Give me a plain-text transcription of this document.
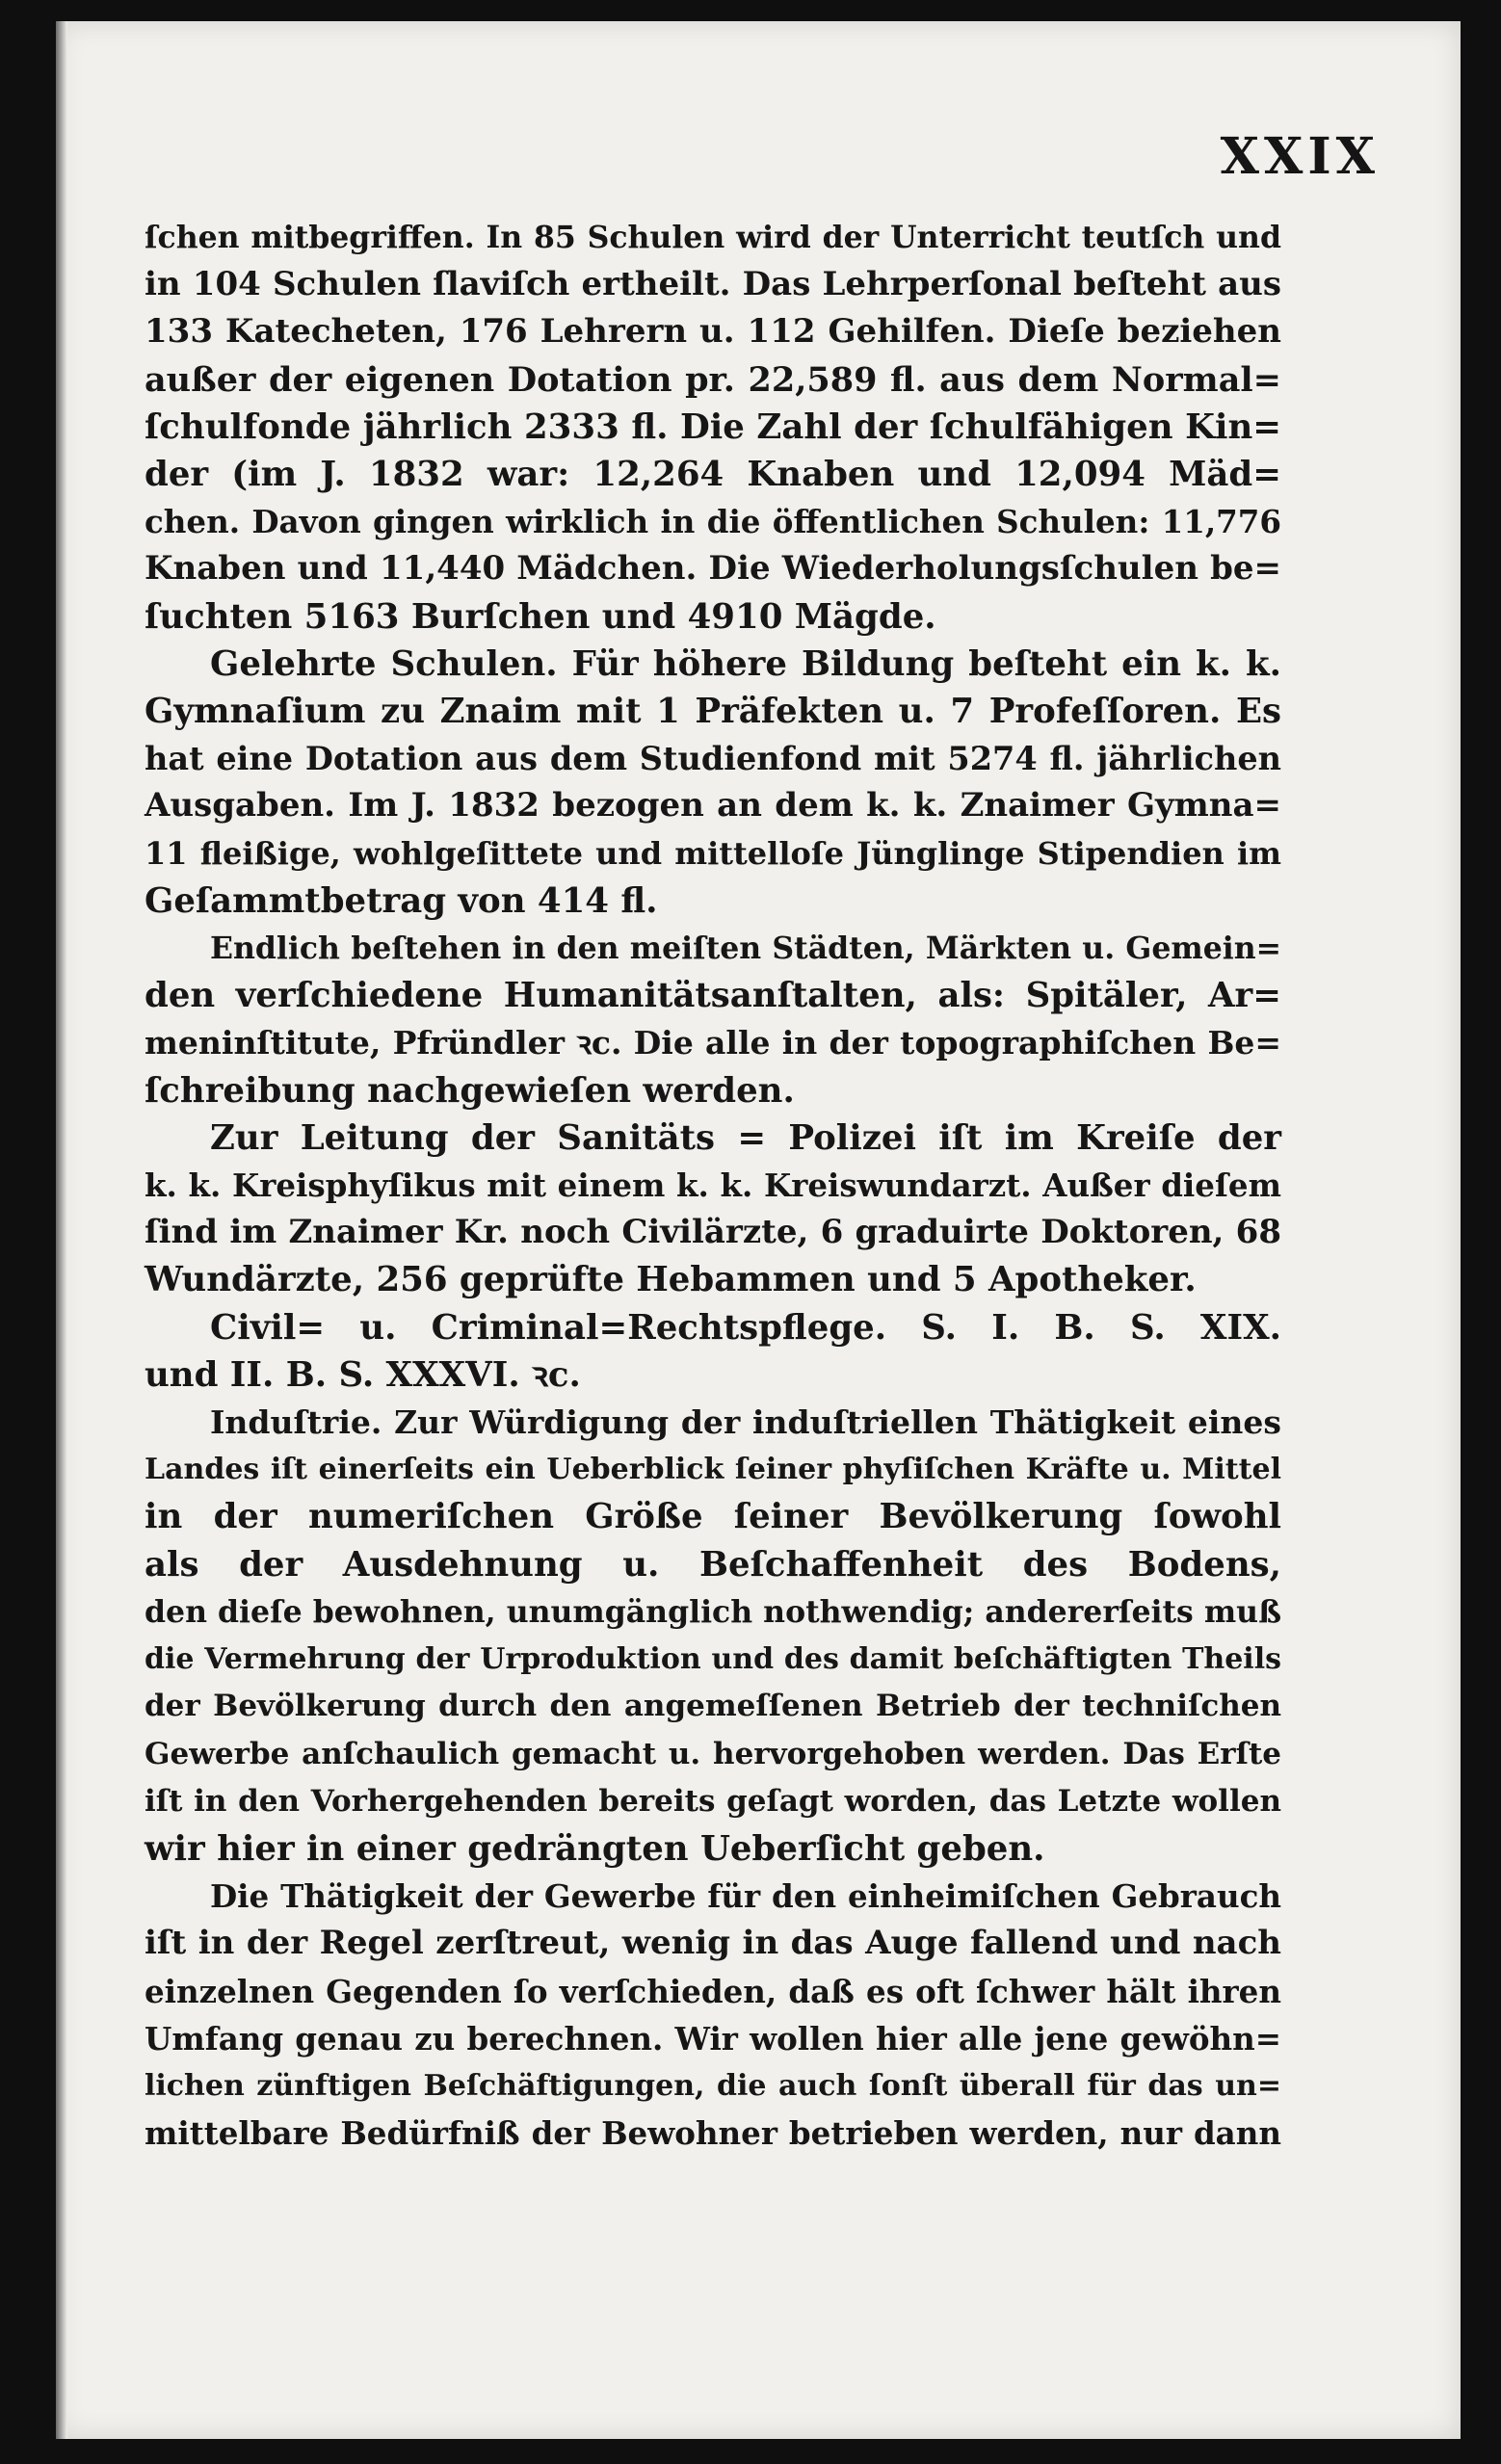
XXIX
ſchen mitbegriffen. In 85 Schulen wird der Unterricht teutſch und
in 104 Schulen ſlaviſch ertheilt. Das Lehrperſonal beſteht aus
133 Katecheten, 176 Lehrern u. 112 Gehilfen. Dieſe beziehen
außer der eigenen Dotation pr. 22,589 fl. aus dem Normal=
ſchulfonde jährlich 2333 fl. Die Zahl der ſchulfähigen Kin=
der (im J. 1832 war: 12,264 Knaben und 12,094 Mäd=
chen. Davon gingen wirklich in die öffentlichen Schulen: 11,776
Knaben und 11,440 Mädchen. Die Wiederholungsſchulen be=
ſuchten 5163 Burſchen und 4910 Mägde.
Gelehrte Schulen. Für höhere Bildung beſteht ein k. k.
Gymnaſium zu Znaim mit 1 Präfekten u. 7 Profeſſoren. Es
hat eine Dotation aus dem Studienfond mit 5274 fl. jährlichen
Ausgaben. Im J. 1832 bezogen an dem k. k. Znaimer Gymna=
11 fleißige, wohlgeſittete und mittelloſe Jünglinge Stipendien im
Geſammtbetrag von 414 fl.
Endlich beſtehen in den meiſten Städten, Märkten u. Gemein=
den verſchiedene Humanitätsanſtalten, als: Spitäler, Ar=
meninſtitute, Pfründler ꝛc. Die alle in der topographiſchen Be=
ſchreibung nachgewieſen werden.
Zur Leitung der Sanitäts = Polizei iſt im Kreiſe der
k. k. Kreisphyſikus mit einem k. k. Kreiswundarzt. Außer dieſem
ſind im Znaimer Kr. noch Civilärzte, 6 graduirte Doktoren, 68
Wundärzte, 256 geprüfte Hebammen und 5 Apotheker.
Civil= u. Criminal=Rechtspflege. S. I. B. S. XIX.
und II. B. S. XXXVI. ꝛc.
Induſtrie. Zur Würdigung der induſtriellen Thätigkeit eines
Landes iſt einerſeits ein Ueberblick ſeiner phyſiſchen Kräfte u. Mittel
in der numeriſchen Größe ſeiner Bevölkerung ſowohl
als der Ausdehnung u. Beſchaffenheit des Bodens,
den dieſe bewohnen, unumgänglich nothwendig; andererſeits muß
die Vermehrung der Urproduktion und des damit beſchäftigten Theils
der Bevölkerung durch den angemeſſenen Betrieb der techniſchen
Gewerbe anſchaulich gemacht u. hervorgehoben werden. Das Erſte
iſt in den Vorhergehenden bereits geſagt worden, das Letzte wollen
wir hier in einer gedrängten Ueberſicht geben.
Die Thätigkeit der Gewerbe für den einheimiſchen Gebrauch
iſt in der Regel zerſtreut, wenig in das Auge fallend und nach
einzelnen Gegenden ſo verſchieden, daß es oft ſchwer hält ihren
Umfang genau zu berechnen. Wir wollen hier alle jene gewöhn=
lichen zünftigen Beſchäftigungen, die auch ſonſt überall für das un=
mittelbare Bedürfniß der Bewohner betrieben werden, nur dann
